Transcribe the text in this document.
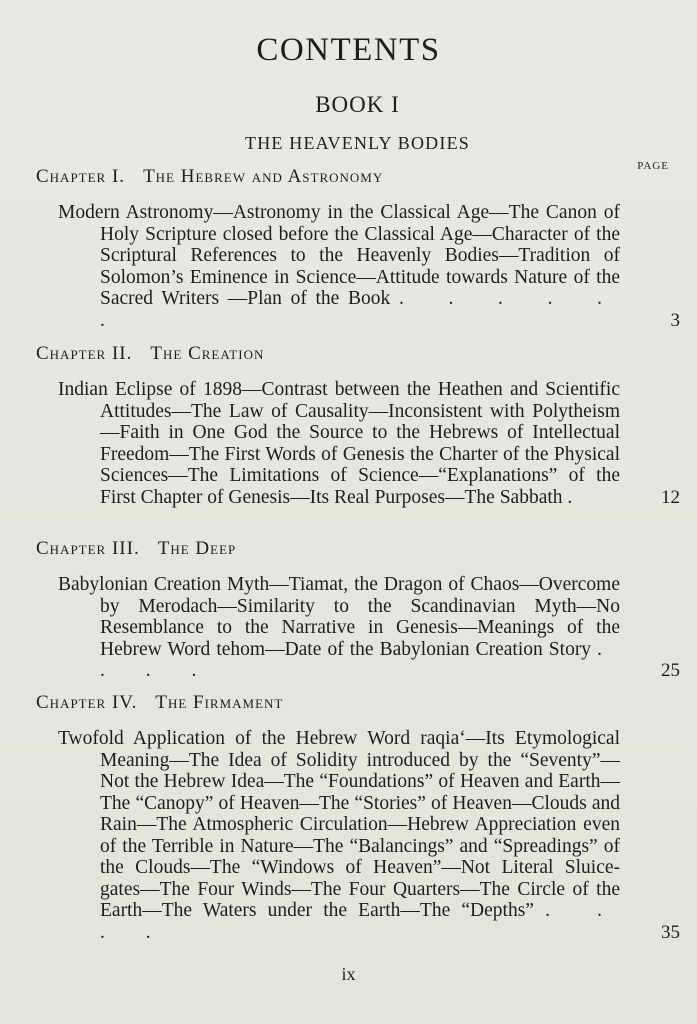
CONTENTS
BOOK I
THE HEAVENLY BODIES
PAGE
Chapter I. The Hebrew and Astronomy
Modern Astronomy—Astronomy in the Classical Age—The Canon of Holy Scripture closed before the Classical Age—Character of the Scriptural References to the Heavenly Bodies—Tradition of Solomon’s Eminence in Science—Attitude towards Nature of the Sacred Writers —Plan of the Book . . . . . .	3
Chapter II. The Creation
Indian Eclipse of 1898—Contrast between the Heathen and Scientific Attitudes—The Law of Causality—Inconsistent with Polytheism—Faith in One God the Source to the Hebrews of Intellectual Freedom—The First Words of Genesis the Charter of the Physical Sciences—The Limitations of Science—“Explanations” of the First Chapter of Genesis—Its Real Purposes—The Sabbath .	12
Chapter III. The Deep
Babylonian Creation Myth—Tiamat, the Dragon of Chaos—Overcome by Merodach—Similarity to the Scandinavian Myth—No Resemblance to the Narrative in Genesis—Meanings of the Hebrew Word tehom—Date of the Babylonian Creation Story . . . .	25
Chapter IV. The Firmament
Twofold Application of the Hebrew Word raqia‘—Its Etymological Meaning—The Idea of Solidity introduced by the “Seventy”—Not the Hebrew Idea—The “Foundations” of Heaven and Earth—The “Canopy” of Heaven—The “Stories” of Heaven—Clouds and Rain—The Atmospheric Circulation—Hebrew Appreciation even of the Terrible in Nature—The “Balancings” and “Spreadings” of the Clouds—The “Windows of Heaven”—Not Literal Sluice-gates—The Four Winds—The Four Quarters—The Circle of the Earth—The Waters under the Earth—The “Depths” . . . .	35
ix
